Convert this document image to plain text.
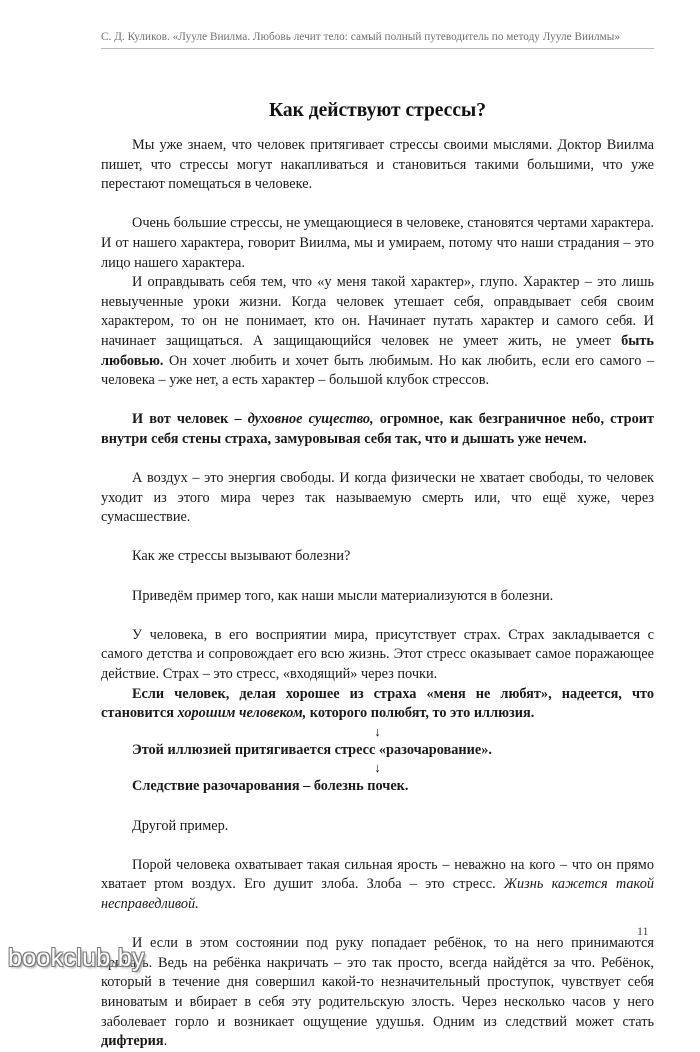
С. Д. Куликов. «Лууле Виилма. Любовь лечит тело: самый полный путеводитель по методу Лууле Виилмы»
Как действуют стрессы?

Мы уже знаем, что человек притягивает стрессы своими мыслями. Доктор Виилма пишет, что стрессы могут накапливаться и становиться такими большими, что уже перестают помещаться в человеке.

Очень большие стрессы, не умещающиеся в человеке, становятся чертами характера. И от нашего характера, говорит Виилма, мы и умираем, потому что наши страдания – это лицо нашего характера.

И оправдывать себя тем, что «у меня такой характер», глупо. Характер – это лишь невыученные уроки жизни. Когда человек утешает себя, оправдывает себя своим характером, то он не понимает, кто он. Начинает путать характер и самого себя. И начинает защищаться. А защищающийся человек не умеет жить, не умеет быть любовью. Он хочет любить и хочет быть любимым. Но как любить, если его самого – человека – уже нет, а есть характер – большой клубок стрессов.

И вот человек – духовное существо, огромное, как безграничное небо, строит внутри себя стены страха, замуровывая себя так, что и дышать уже нечем.

А воздух – это энергия свободы. И когда физически не хватает свободы, то человек уходит из этого мира через так называемую смерть или, что ещё хуже, через сумасшествие.

Как же стрессы вызывают болезни?

Приведём пример того, как наши мысли материализуются в болезни.

У человека, в его восприятии мира, присутствует страх. Страх закладывается с самого детства и сопровождает его всю жизнь. Этот стресс оказывает самое поражающее действие. Страх – это стресс, «входящий» через почки.

Если человек, делая хорошее из страха «меня не любят», надеется, что становится хорошим человеком, которого полюбят, то это иллюзия.

↓

Этой иллюзией притягивается стресс «разочарование».

↓

Следствие разочарования – болезнь почек.

Другой пример.

Порой человека охватывает такая сильная ярость – неважно на кого – что он прямо хватает ртом воздух. Его душит злоба. Злоба – это стресс. Жизнь кажется такой несправедливой.

И если в этом состоянии под руку попадает ребёнок, то на него принимаются кричать. Ведь на ребёнка накричать – это так просто, всегда найдётся за что. Ребёнок, который в течение дня совершил какой-то незначительный проступок, чувствует себя виноватым и вбирает в себя эту родительскую злость. Через несколько часов у него заболевает горло и возникает ощущение удушья. Одним из следствий может стать дифтерия.

11
bookclub.by
